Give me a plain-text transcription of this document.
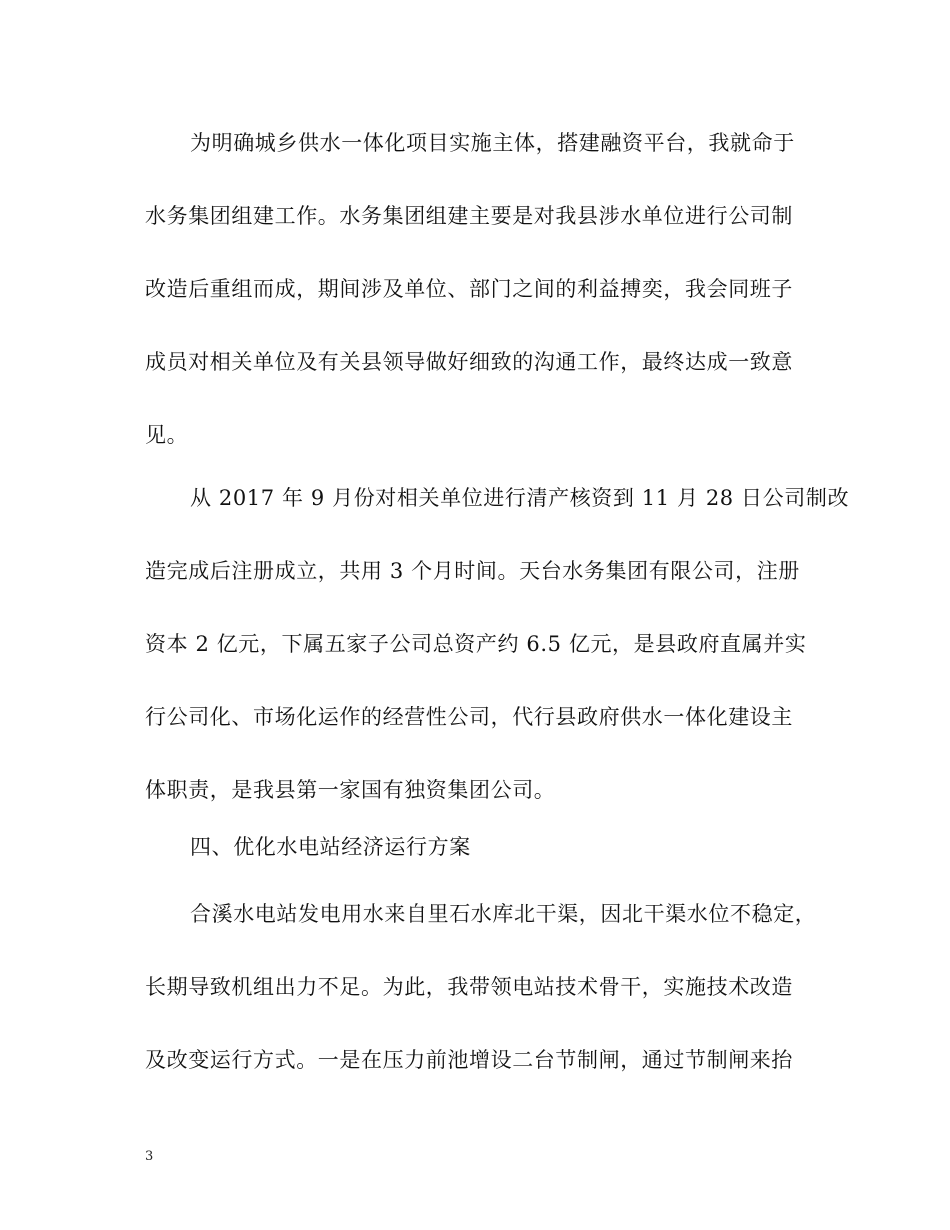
为明确城乡供水一体化项目实施主体，搭建融资平台，我就命于
水务集团组建工作。水务集团组建主要是对我县涉水单位进行公司制
改造后重组而成，期间涉及单位、部门之间的利益搏奕，我会同班子
成员对相关单位及有关县领导做好细致的沟通工作，最终达成一致意
见。
从 2017 年 9 月份对相关单位进行清产核资到 11 月 28 日公司制改
造完成后注册成立，共用 3 个月时间。天台水务集团有限公司，注册
资本 2 亿元，下属五家子公司总资产约 6.5 亿元，是县政府直属并实
行公司化、市场化运作的经营性公司，代行县政府供水一体化建设主
体职责，是我县第一家国有独资集团公司。
四、优化水电站经济运行方案
合溪水电站发电用水来自里石水库北干渠，因北干渠水位不稳定，
长期导致机组出力不足。为此，我带领电站技术骨干，实施技术改造
及改变运行方式。一是在压力前池增设二台节制闸，通过节制闸来抬
3
